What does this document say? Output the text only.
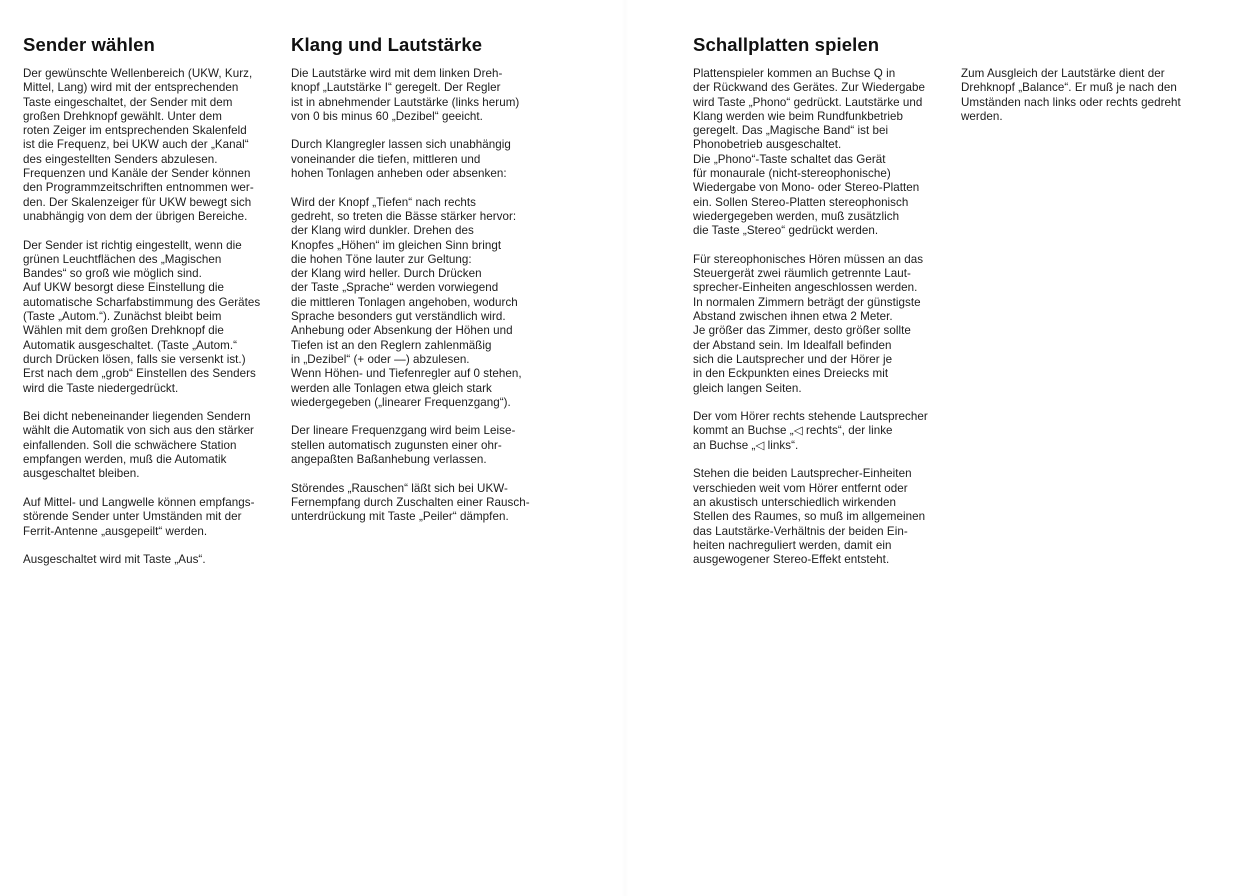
Sender wählen

Der gewünschte Wellenbereich (UKW, Kurz,
Mittel, Lang) wird mit der entsprechenden
Taste eingeschaltet, der Sender mit dem
großen Drehknopf gewählt. Unter dem
roten Zeiger im entsprechenden Skalenfeld
ist die Frequenz, bei UKW auch der „Kanal“
des eingestellten Senders abzulesen.
Frequenzen und Kanäle der Sender können
den Programmzeitschriften entnommen wer-
den. Der Skalenzeiger für UKW bewegt sich
unabhängig von dem der übrigen Bereiche.

Der Sender ist richtig eingestellt, wenn die
grünen Leuchtflächen des „Magischen
Bandes“ so groß wie möglich sind.
Auf UKW besorgt diese Einstellung die
automatische Scharfabstimmung des Gerätes
(Taste „Autom.“). Zunächst bleibt beim
Wählen mit dem großen Drehknopf die
Automatik ausgeschaltet. (Taste „Autom.“
durch Drücken lösen, falls sie versenkt ist.)
Erst nach dem „grob“ Einstellen des Senders
wird die Taste niedergedrückt.

Bei dicht nebeneinander liegenden Sendern
wählt die Automatik von sich aus den stärker
einfallenden. Soll die schwächere Station
empfangen werden, muß die Automatik
ausgeschaltet bleiben.

Auf Mittel- und Langwelle können empfangs-
störende Sender unter Umständen mit der
Ferrit-Antenne „ausgepeilt“ werden.

Ausgeschaltet wird mit Taste „Aus“.

Klang und Lautstärke

Die Lautstärke wird mit dem linken Dreh-
knopf „Lautstärke I“ geregelt. Der Regler
ist in abnehmender Lautstärke (links herum)
von 0 bis minus 60 „Dezibel“ geeicht.

Durch Klangregler lassen sich unabhängig
voneinander die tiefen, mittleren und
hohen Tonlagen anheben oder absenken:

Wird der Knopf „Tiefen“ nach rechts
gedreht, so treten die Bässe stärker hervor:
der Klang wird dunkler. Drehen des
Knopfes „Höhen“ im gleichen Sinn bringt
die hohen Töne lauter zur Geltung:
der Klang wird heller. Durch Drücken
der Taste „Sprache“ werden vorwiegend
die mittleren Tonlagen angehoben, wodurch
Sprache besonders gut verständlich wird.
Anhebung oder Absenkung der Höhen und
Tiefen ist an den Reglern zahlenmäßig
in „Dezibel“ (+ oder —) abzulesen.
Wenn Höhen- und Tiefenregler auf 0 stehen,
werden alle Tonlagen etwa gleich stark
wiedergegeben („linearer Frequenzgang“).

Der lineare Frequenzgang wird beim Leise-
stellen automatisch zugunsten einer ohr-
angepaßten Baßanhebung verlassen.

Störendes „Rauschen“ läßt sich bei UKW-
Fernempfang durch Zuschalten einer Rausch-
unterdrückung mit Taste „Peiler“ dämpfen.

Schallplatten spielen

Plattenspieler kommen an Buchse Q in
der Rückwand des Gerätes. Zur Wiedergabe
wird Taste „Phono“ gedrückt. Lautstärke und
Klang werden wie beim Rundfunkbetrieb
geregelt. Das „Magische Band“ ist bei
Phonobetrieb ausgeschaltet.
Die „Phono“-Taste schaltet das Gerät
für monaurale (nicht-stereophonische)
Wiedergabe von Mono- oder Stereo-Platten
ein. Sollen Stereo-Platten stereophonisch
wiedergegeben werden, muß zusätzlich
die Taste „Stereo“ gedrückt werden.

Für stereophonisches Hören müssen an das
Steuergerät zwei räumlich getrennte Laut-
sprecher-Einheiten angeschlossen werden.
In normalen Zimmern beträgt der günstigste
Abstand zwischen ihnen etwa 2 Meter.
Je größer das Zimmer, desto größer sollte
der Abstand sein. Im Idealfall befinden
sich die Lautsprecher und der Hörer je
in den Eckpunkten eines Dreiecks mit
gleich langen Seiten.

Der vom Hörer rechts stehende Lautsprecher
kommt an Buchse „◁ rechts“, der linke
an Buchse „◁ links“.

Stehen die beiden Lautsprecher-Einheiten
verschieden weit vom Hörer entfernt oder
an akustisch unterschiedlich wirkenden
Stellen des Raumes, so muß im allgemeinen
das Lautstärke-Verhältnis der beiden Ein-
heiten nachreguliert werden, damit ein
ausgewogener Stereo-Effekt entsteht.

Zum Ausgleich der Lautstärke dient der
Drehknopf „Balance“. Er muß je nach den
Umständen nach links oder rechts gedreht
werden.
